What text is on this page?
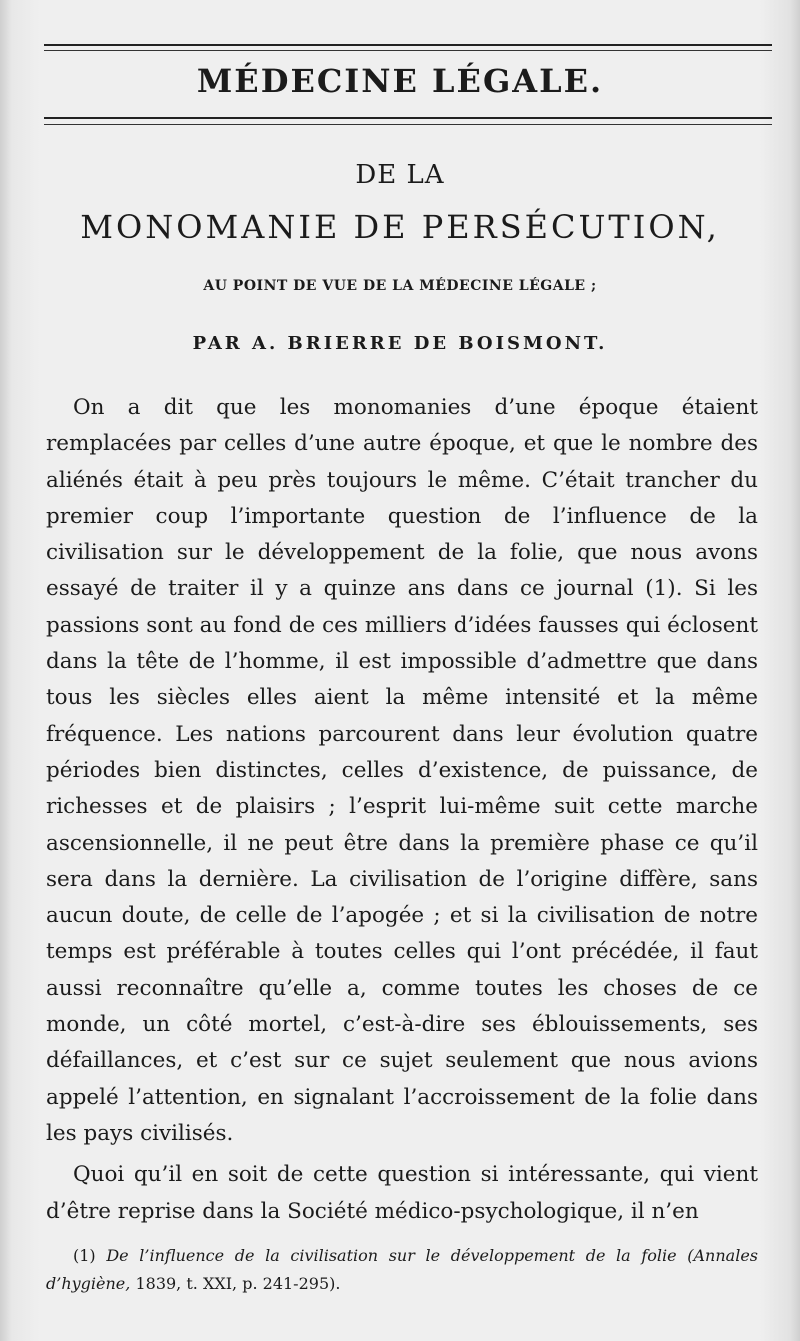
MÉDECINE LÉGALE.
DE LA
MONOMANIE DE PERSÉCUTION,
AU POINT DE VUE DE LA MÉDECINE LÉGALE ;
PAR A. BRIERRE DE BOISMONT.

On a dit que les monomanies d’une époque étaient remplacées par celles d’une autre époque, et que le nombre des aliénés était à peu près toujours le même. C’était trancher du premier coup l’importante question de l’influence de la civilisation sur le développement de la folie, que nous avons essayé de traiter il y a quinze ans dans ce journal (1). Si les passions sont au fond de ces milliers d’idées fausses qui éclosent dans la tête de l’homme, il est impossible d’admettre que dans tous les siècles elles aient la même intensité et la même fréquence. Les nations parcourent dans leur évolution quatre périodes bien distinctes, celles d’existence, de puissance, de richesses et de plaisirs ; l’esprit lui-même suit cette marche ascensionnelle, il ne peut être dans la première phase ce qu’il sera dans la dernière. La civilisation de l’origine diffère, sans aucun doute, de celle de l’apogée ; et si la civilisation de notre temps est préférable à toutes celles qui l’ont précédée, il faut aussi reconnaître qu’elle a, comme toutes les choses de ce monde, un côté mortel, c’est-à-dire ses éblouissements, ses défaillances, et c’est sur ce sujet seulement que nous avions appelé l’attention, en signalant l’accroissement de la folie dans les pays civilisés.

Quoi qu’il en soit de cette question si intéressante, qui vient d’être reprise dans la Société médico-psychologique, il n’en

(1) De l’influence de la civilisation sur le développement de la folie (Annales d’hygiène, 1839, t. XXI, p. 241-295).
